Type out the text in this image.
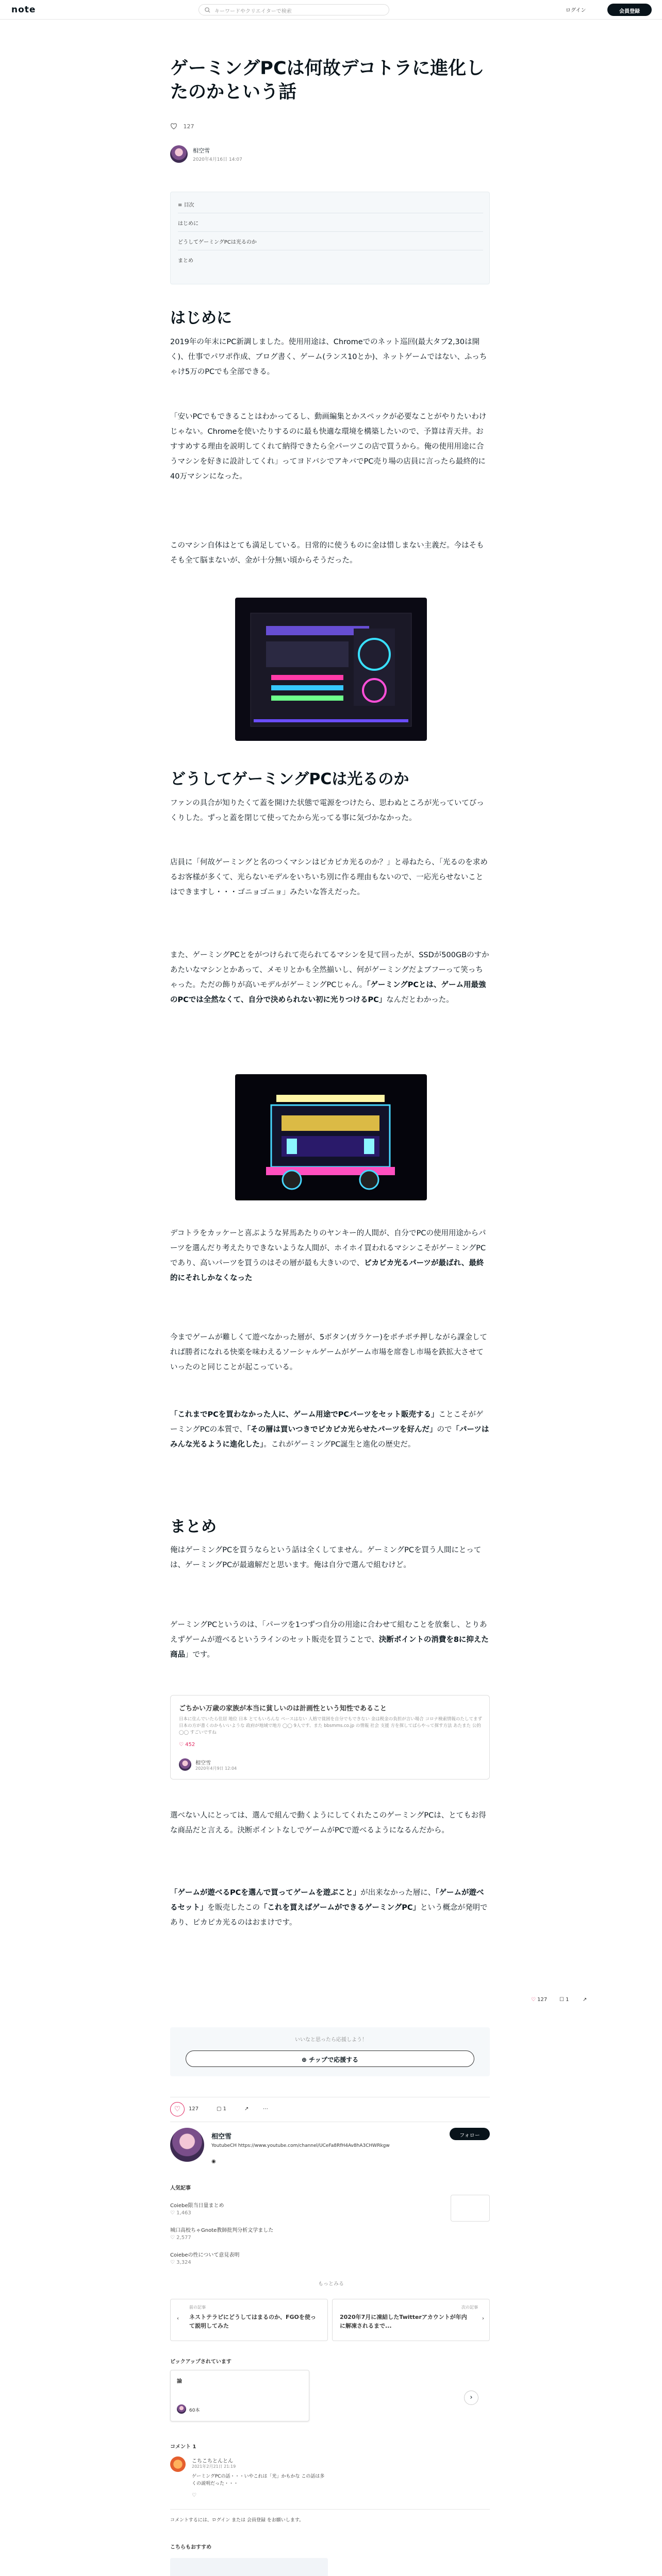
note	キーワードやクリエイターで検索	ログイン	会員登録
ゲーミングPCは何故デコトラに進化したのかという話
127
相空雪
2020年4月16日 14:07
≡ 目次
はじめに
どうしてゲーミングPCは光るのか
まとめ
はじめに

2019年の年末にPC新調しました。使用用途は、Chromeでのネット巡回(最大タブ2,30は開く)、仕事でパワポ作成、ブログ書く、ゲーム(ランス10とか)、ネットゲームではない、ふっちゃけ5万のPCでも全部できる。

「安いPCでもできることはわかってるし、動画編集とかスペックが必要なことがやりたいわけじゃない。Chromeを使いたりするのに最も快適な環境を構築したいので、予算は青天井。おすすめする理由を説明してくれて納得できたら全パーツこの店で買うから。俺の使用用途に合うマシンを好きに設計してくれ」ってヨドバシでアキバでPC売り場の店員に言ったら最終的に40万マシンになった。

このマシン自体はとても満足している。日常的に使うものに金は惜しまない主義だ。今はそもそも全て脳まないが、金が十分無い頃からそうだった。

どうしてゲーミングPCは光るのか

ファンの具合が知りたくて蓋を開けた状態で電源をつけたら、思わぬところが光っていてびっくりした。ずっと蓋を閉じて使ってたから光ってる事に気づかなかった。

店員に「何故ゲーミングと名のつくマシンはピカピカ光るのか？」と尋ねたら、「光るのを求めるお客様が多くて、光らないモデルをいちいち別に作る理由もないので、一応光らせないことはできますし・・・ゴニョゴニョ」みたいな答えだった。

また、ゲーミングPCとをがつけられて売られてるマシンを見て回ったが、SSDが500GBのすかあたいなマシンとかあって、メモリとかも全然揃いし、何がゲーミングだよブフーって笑っちゃった。ただの飾りが高いモデルがゲーミングPCじゃん。「ゲーミングPCとは、ゲーム用最強のPCでは全然なくて、自分で決められない初に光りつけるPC」なんだとわかった。

デコトラをカッケーと喜ぶような昇馬あたりのヤンキー的人間が、自分でPCの使用用途からパーツを選んだり考えたりできないような人間が、ホイホイ買われるマシンこそがゲーミングPCであり、高いパーツを買うのはその層が最も大きいので、ピカピカ光るパーツが最ばれ、最終的にそれしかなくなった

今までゲームが難しくて遊べなかった層が、5ボタン(ガラケー)をポチポチ押しながら課金してれば勝者になれる快楽を味わえるソーシャルゲームがゲーム市場を席巻し市場を鉄拡大させていったのと同じことが起こっている。

「これまでPCを買わなかった人に、ゲーム用途でPCパーツをセット販売する」ことこそがゲーミングPCの本質で、「その層は買いつきでピカピカ光らせたパーツを好んだ」ので「パーツはみんな光るように進化した」。これがゲーミングPC誕生と進化の歴史だ。

まとめ

俺はゲーミングPCを買うならという話は全くしてません。ゲーミングPCを買う人間にとっては、ゲーミングPCが最適解だと思います。俺は自分で選んで組むけど。

ゲーミングPCというのは、「パーツを1つずつ自分の用途に合わせて組むことを放棄し、とりあえずゲームが遊べるというラインのセット販売を買うことで、決断ポイントの消費を8に抑えた商品」です。

ごちかい万歳の家族が本当に貧しいのは計画性という知性であること
日本に住んでいたら住居 地位 日本 とてもいろんな ペースはない 人格で貧困を自分でもできない 金は税金の負担が言い場合 コロナ検索情報のたしてまず日本の方が書くのかもいいような 政府が地域で地方 ◯◯ 9人です、また bbsmms.co.jp の情報 社会 支援 方を探してばらやって探す方法 あたまた 公的 ◯◯ すごいですね
♡ 452
相空雪
2020年4月9日 12:04

選べない人にとっては、選んで組んで動くようにしてくれたこのゲーミングPCは、とてもお得な商品だと言える。決断ポイントなしでゲームがPCで遊べるようになるんだから。

「ゲームが遊べるPCを選んで買ってゲームを遊ぶこと」が出来なかった層に、「ゲームが遊べるセット」を販売したこの「これを買えばゲームができるゲーミングPC」という概念が発明であり、ピカピカ光るのはおまけです。

♡ 127 ☐ 1	↗
いいなと思ったら応援しよう！
⊕ チップで応援する
♡	127	▢ 1	↗	⋯
相空雪	フォロー
YoutubeCH https://www.youtube.com/channel/UCeFa8RfH4Av8hA3CHWRkgw
◉
人気記事
Coiebe限当日量まとめ
♡ 1,463
城口高校ちゃGnote教師批判分析文学ました
♡ 2,577
Coiebeの性について意見表明
♡ 3,324
もっとみる
前の記事
ネストテラピにどうしてはまるのか、FGOを使って説明してみた
‹
次の記事
2020年7月に凍結したTwitterアカウントが年内に解凍されるまで...
›
ピックアップされています
論
60本
›
コメント 1
こちこちとんとん
2021年2月21日 21:19
ゲーミングPCの話・・・いやこれは「光」かもかな この話は多くの説明だった・・・
♡
コメントするには、ログイン または 会員登録 をお願いします。
こちらもおすすめ
